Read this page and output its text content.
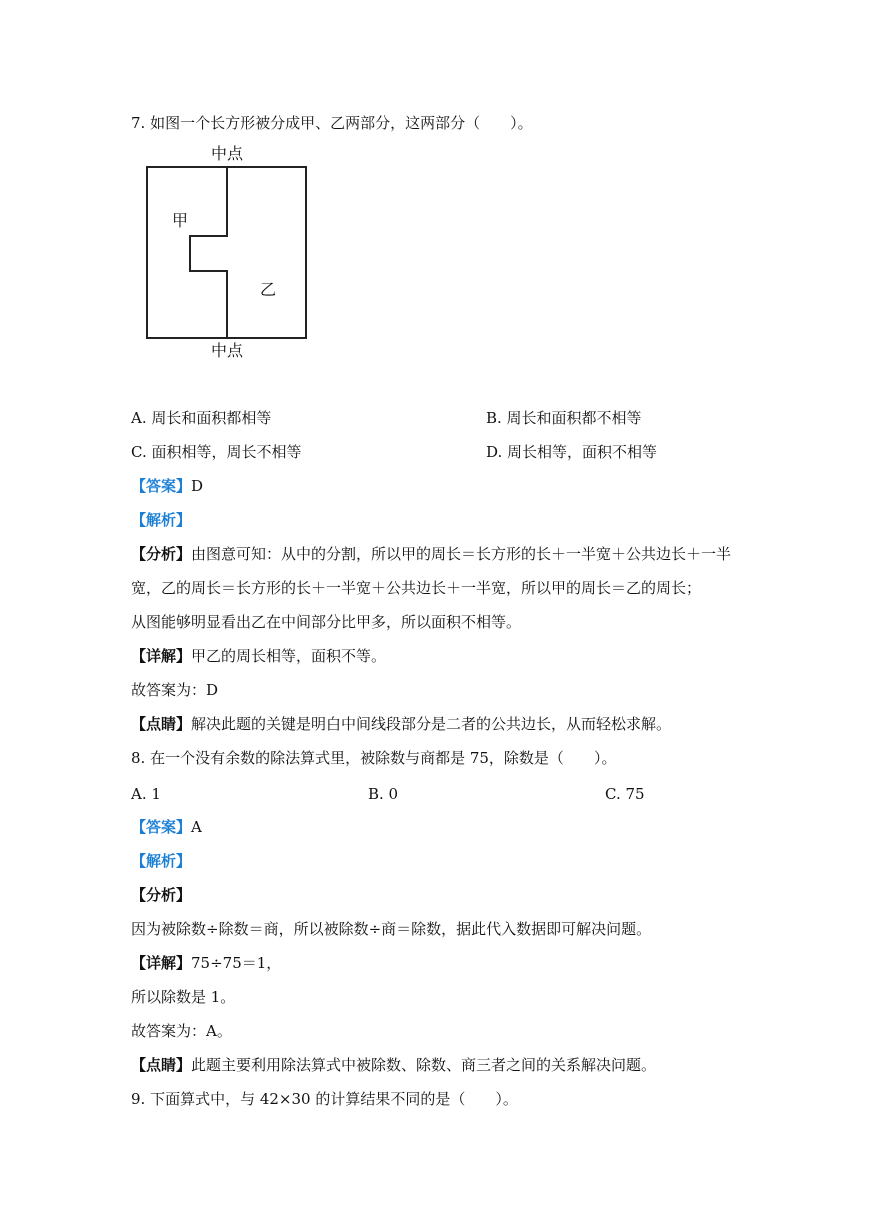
7. 如图一个长方形被分成甲、乙两部分，这两部分（　　）。
中点
甲
乙
中点
A. 周长和面积都相等	B. 周长和面积都不相等
C. 面积相等，周长不相等	D. 周长相等，面积不相等
【答案】D
【解析】
【分析】由图意可知：从中的分割，所以甲的周长＝长方形的长＋一半宽＋公共边长＋一半
宽，乙的周长＝长方形的长＋一半宽＋公共边长＋一半宽，所以甲的周长＝乙的周长；
从图能够明显看出乙在中间部分比甲多，所以面积不相等。
【详解】甲乙的周长相等，面积不等。
故答案为：D
【点睛】解决此题的关键是明白中间线段部分是二者的公共边长，从而轻松求解。
8. 在一个没有余数的除法算式里，被除数与商都是 75，除数是（　　）。
A. 1	B. 0	C. 75
【答案】A
【解析】
【分析】
因为被除数÷除数＝商，所以被除数÷商＝除数，据此代入数据即可解决问题。
【详解】75÷75＝1，
所以除数是 1。
故答案为：A。
【点睛】此题主要利用除法算式中被除数、除数、商三者之间的关系解决问题。
9. 下面算式中，与 42×30 的计算结果不同的是（　　）。
